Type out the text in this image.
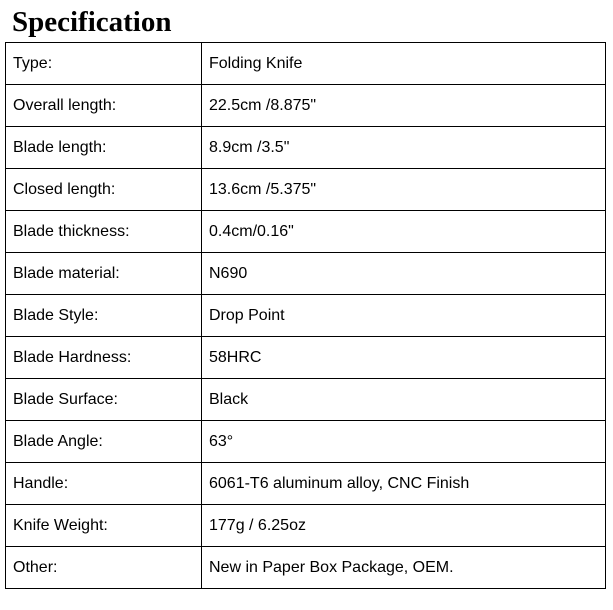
Specification
Type:	Folding Knife
Overall length:	22.5cm /8.875"
Blade length:	8.9cm /3.5"
Closed length:	13.6cm /5.375"
Blade thickness:	0.4cm/0.16"
Blade material:	N690
Blade Style:	Drop Point
Blade Hardness:	58HRC
Blade Surface:	Black
Blade Angle:	63°
Handle:	6061-T6 aluminum alloy, CNC Finish
Knife Weight:	177g / 6.25oz
Other:	New in Paper Box Package, OEM.
